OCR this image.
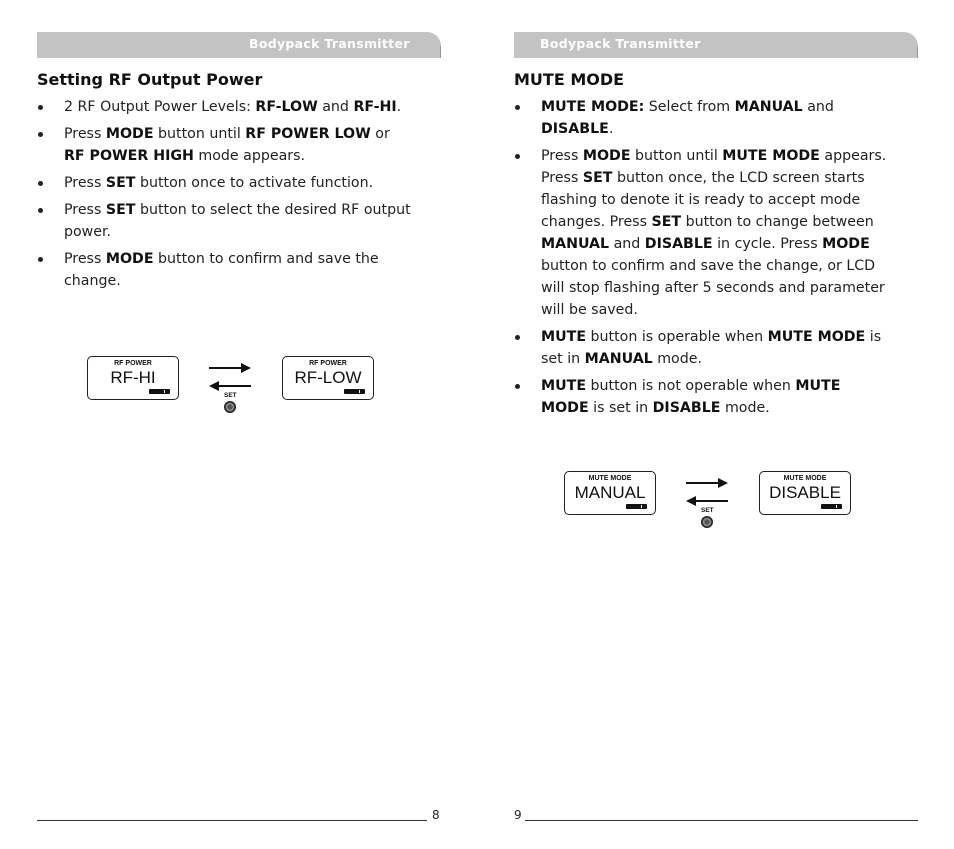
Bodypack Transmitter
Setting RF Output Power
2 RF Output Power Levels: RF-LOW and RF-HI.
Press MODE button until RF POWER LOW or
RF POWER HIGH mode appears.
Press SET button once to activate function.
Press SET button to select the desired RF output
power.
Press MODE button to confirm and save the
change.
RF POWER
RF-HI
SET
RF POWER
RF-LOW
8
Bodypack Transmitter
MUTE MODE
MUTE MODE: Select from MANUAL and
DISABLE.
Press MODE button until MUTE MODE appears.
Press SET button once, the LCD screen starts
flashing to denote it is ready to accept mode
changes. Press SET button to change between
MANUAL and DISABLE in cycle. Press MODE
button to confirm and save the change, or LCD
will stop flashing after 5 seconds and parameter
will be saved.
MUTE button is operable when MUTE MODE is
set in MANUAL mode.
MUTE button is not operable when MUTE
MODE is set in DISABLE mode.
MUTE MODE
MANUAL
SET
MUTE MODE
DISABLE
9
